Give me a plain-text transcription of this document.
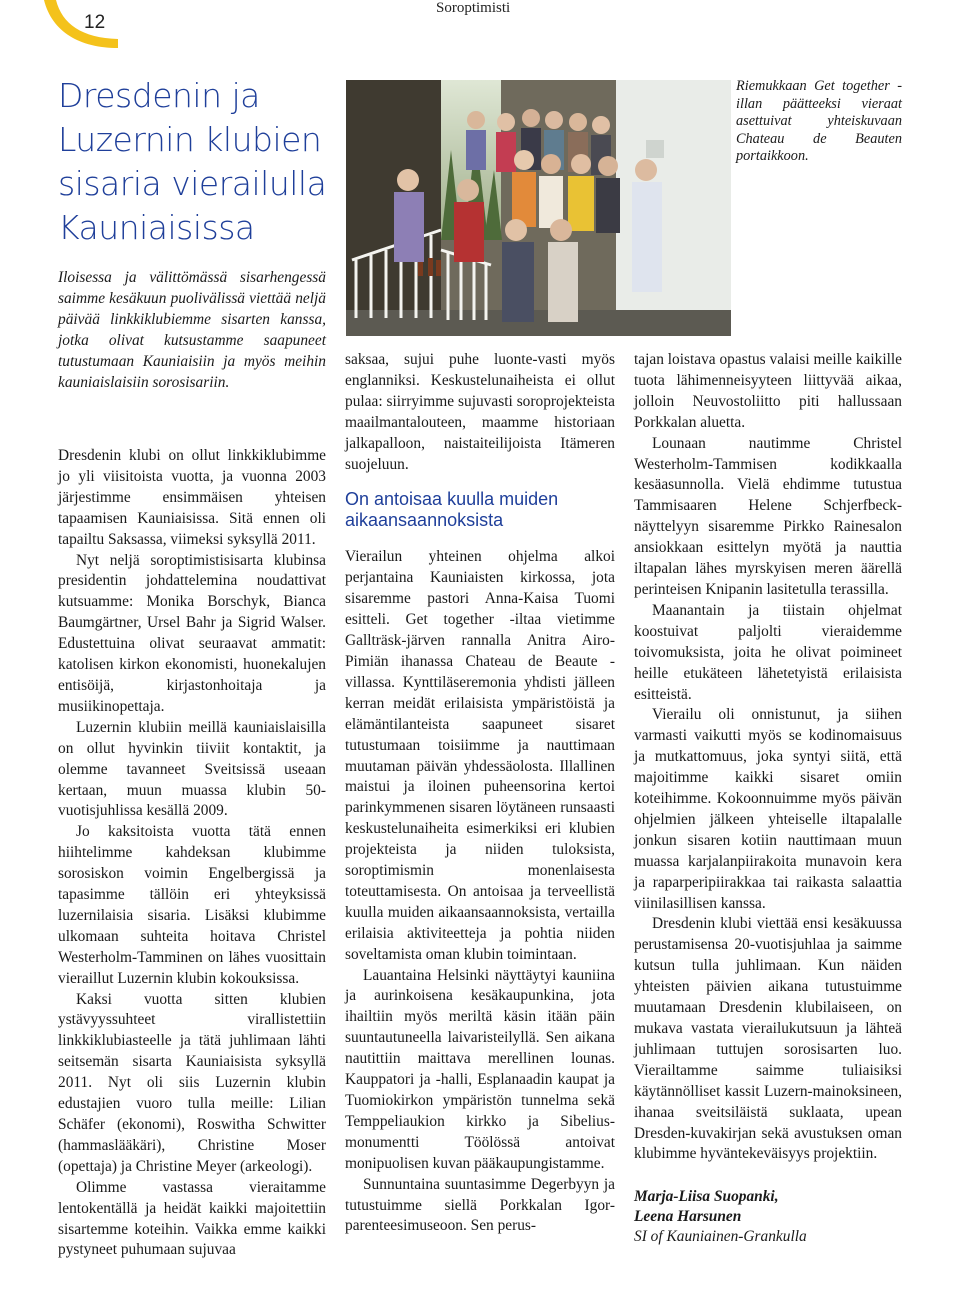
12
Soroptimisti
Dresdenin ja
Luzernin klubien
sisaria vierailulla
Kauniaisissa
Iloisessa ja välittömässä sisarhengessä saimme kesäkuun puolivälissä viettää neljä päivää linkkiklubiemme sisarten kanssa, jotka olivat kutsustamme saapuneet tutustumaan Kauniaisiin ja myös meihin kauniaislaisiin sorosisariin.

Dresdenin klubi on ollut linkkiklubimme jo yli viisitoista vuotta, ja vuonna 2003 järjestimme ensimmäisen yhteisen tapaamisen Kauniaisissa. Sitä ennen oli tapailtu Saksassa, viimeksi syksyllä 2011.

Nyt neljä soroptimistisisarta klubinsa presidentin johdattelemina noudattivat kutsuamme: Monika Borschyk, Bianca Baumgärtner, Ursel Bahr ja Sigrid Walser. Edustettuina olivat seuraavat ammatit: katolisen kirkon ekonomisti, huonekalujen entisöijä, kirjastonhoitaja ja musiikinopettaja.

Luzernin klubiin meillä kauniaislaisilla on ollut hyvinkin tiiviit kontaktit, ja olemme tavanneet Sveitsissä useaan kertaan, muun muassa klubin 50-vuotisjuhlissa kesällä 2009.

Jo kaksitoista vuotta tätä ennen hiihtelimme kahdeksan klubimme sorosiskon voimin Engelbergissä ja tapasimme tällöin eri yhteyksissä luzernilaisia sisaria. Lisäksi klubimme ulkomaan suhteita hoitava Christel Westerholm-Tamminen on lähes vuosittain vieraillut Luzernin klubin kokouksissa.

Kaksi vuotta sitten klubien ystävyyssuhteet virallistettiin linkkiklubiasteelle ja tätä juhlimaan lähti seitsemän sisarta Kauniaisista syksyllä 2011. Nyt oli siis Luzernin klubin edustajien vuoro tulla meille: Lilian Schäfer (ekonomi), Roswitha Schwitter (hammaslääkäri), Christine Moser (opettaja) ja Christine Meyer (arkeologi).

Olimme vastassa vieraitamme lentokentällä ja heidät kaikki majoitettiin sisartemme koteihin. Vaikka emme kaikki pystyneet puhumaan sujuvaa

Riemukkaan Get together -illan päätteeksi vieraat asettuivat yhteiskuvaan Chateau de Beauten portaikkoon.

saksaa, sujui puhe luonte-vasti myös englanniksi. Keskustelunaiheista ei ollut pulaa: siirryimme sujuvasti soroprojekteista maailmantalouteen, maamme historiaan jalkapalloon, naistaiteilijoista Itämeren suojeluun.

On antoisaa kuulla muiden aikaansaannoksista

Vierailun yhteinen ohjelma alkoi perjantaina Kauniaisten kirkossa, jota sisaremme pastori Anna-Kaisa Tuomi esitteli. Get together -iltaa vietimme Gallträsk-järven rannalla Anitra Airo-Pimiän ihanassa Chateau de Beaute -villassa. Kynttiläseremonia yhdisti jälleen kerran meidät erilaisista ympäristöistä ja elämäntilanteista saapuneet sisaret tutustumaan toisiimme ja nauttimaan muutaman päivän yhdessäolosta. Illallinen maistui ja iloinen puheensorina kertoi parinkymmenen sisaren löytäneen runsaasti keskustelunaiheita esimerkiksi eri klubien projekteista ja niiden tuloksista, soroptimismin monenlaisesta toteuttamisesta. On antoisaa ja terveellistä kuulla muiden aikaansaannoksista, vertailla erilaisia aktiviteetteja ja pohtia niiden soveltamista oman klubin toimintaan.

Lauantaina Helsinki näyttäytyi kauniina ja aurinkoisena kesäkaupunkina, jota ihailtiin myös meriltä käsin itään päin suuntautuneella laivaristeilyllä. Sen aikana nautittiin maittava merellinen lounas. Kauppatori ja -halli, Esplanaadin kaupat ja Tuomiokirkon ympäristön tunnelma sekä Temppeliaukion kirkko ja Sibelius-monumentti Töölössä antoivat monipuolisen kuvan pääkaupungistamme.

Sunnuntaina suuntasimme Degerbyyn ja tutustuimme siellä Porkkalan Igor- parenteesimuseoon. Sen perus-

tajan loistava opastus valaisi meille kaikille tuota lähimenneisyyteen liittyvää aikaa, jolloin Neuvostoliitto piti hallussaan Porkkalan aluetta.

Lounaan nautimme Christel Westerholm-Tammisen kodikkaalla kesäasunnolla. Vielä ehdimme tutustua Tammisaaren Helene Schjerfbeck-näyttelyyn sisaremme Pirkko Rainesalon ansiokkaan esittelyn myötä ja nauttia iltapalan lähes myrskyisen meren äärellä perinteisen Knipanin lasitetulla terassilla.

Maanantain ja tiistain ohjelmat koostuivat paljolti vieraidemme toivomuksista, joita he olivat poimineet heille etukäteen lähetetyistä erilaisista esitteistä.

Vierailu oli onnistunut, ja siihen varmasti vaikutti myös se kodinomaisuus ja mutkattomuus, joka syntyi siitä, että majoitimme kaikki sisaret omiin koteihimme. Kokoonnuimme myös päivän ohjelmien jälkeen yhteiselle iltapalalle jonkun sisaren kotiin nauttimaan muun muassa karjalanpiirakoita munavoin kera ja raparperipiirakkaa tai raikasta salaattia viinilasillisen kanssa.

Dresdenin klubi viettää ensi kesäkuussa perustamisensa 20-vuotisjuhlaa ja saimme kutsun tulla juhlimaan. Kun näiden yhteisten päivien aikana tutustuimme muutamaan Dresdenin klubilaiseen, on mukava vastata vierailukutsuun ja lähteä juhlimaan tuttujen sorosisarten luo. Vierailtamme saimme tuliaisiksi käytännölliset kassit Luzern-mainoksineen, ihanaa sveitsiläistä suklaata, upean Dresden-kuvakirjan sekä avustuksen oman klubimme hyväntekeväisyys projektiin.

Marja-Liisa Suopanki,
Leena Harsunen
SI of Kauniainen-Grankulla
